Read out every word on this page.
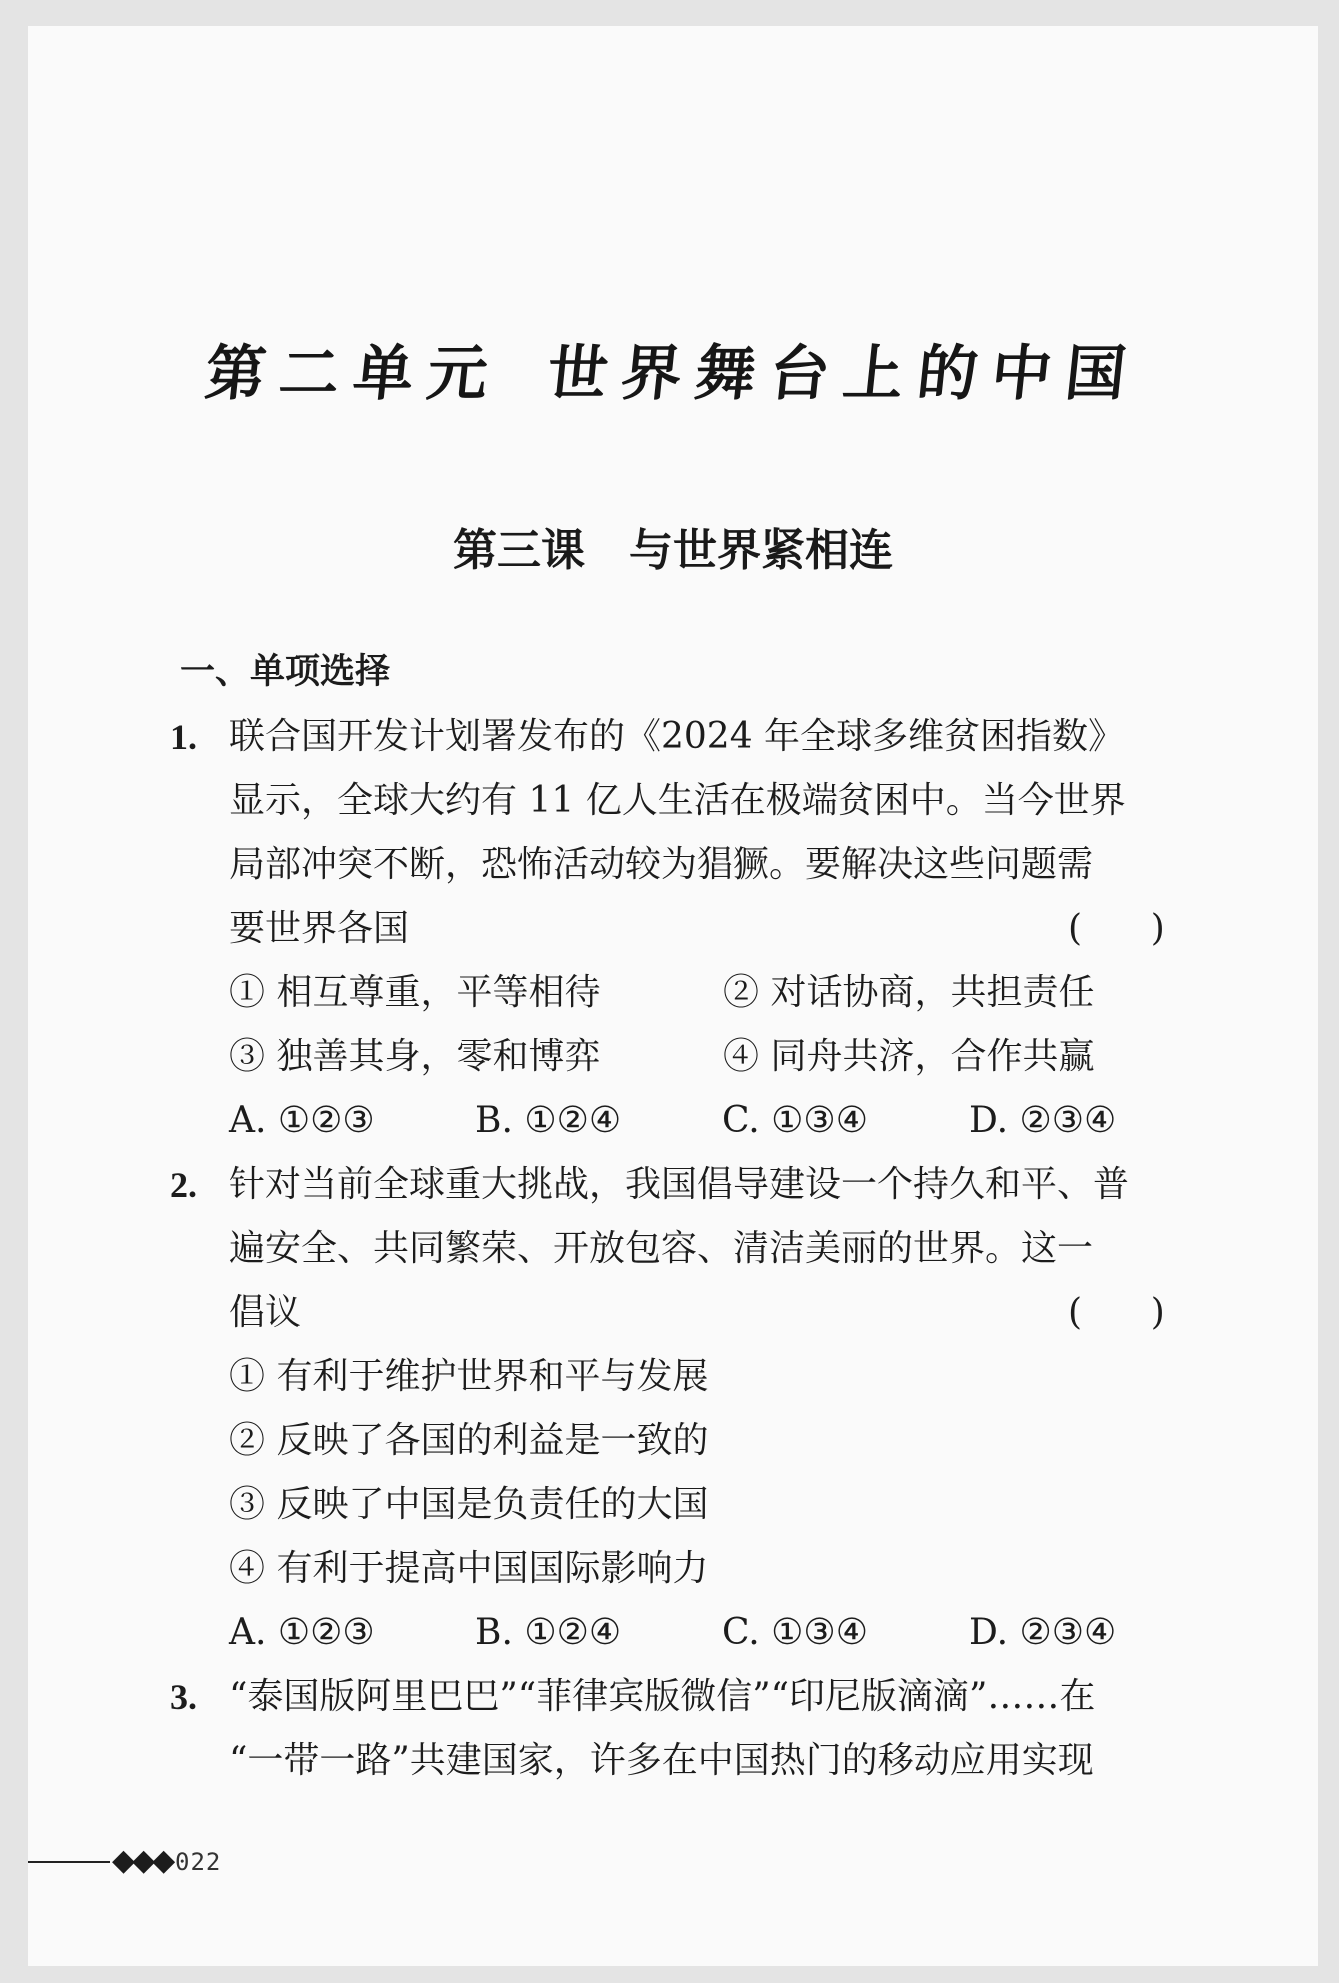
第二单元 世界舞台上的中国
第三课 与世界紧相连
一、单项选择
1. 联合国开发计划署发布的《2024 年全球多维贫困指数》
显示，全球大约有 11 亿人生活在极端贫困中。当今世界
局部冲突不断，恐怖活动较为猖獗。要解决这些问题需
要世界各国	(      )
① 相互尊重，平等相待	② 对话协商，共担责任
③ 独善其身，零和博弈	④ 同舟共济，合作共赢
A. ①②③	B. ①②④	C. ①③④	D. ②③④
2. 针对当前全球重大挑战，我国倡导建设一个持久和平、普
遍安全、共同繁荣、开放包容、清洁美丽的世界。这一
倡议	(      )
① 有利于维护世界和平与发展
② 反映了各国的利益是一致的
③ 反映了中国是负责任的大国
④ 有利于提高中国国际影响力
A. ①②③	B. ①②④	C. ①③④	D. ②③④
3. “泰国版阿里巴巴”“菲律宾版微信”“印尼版滴滴”……在
“一带一路”共建国家，许多在中国热门的移动应用实现
◆◆◆ 022
